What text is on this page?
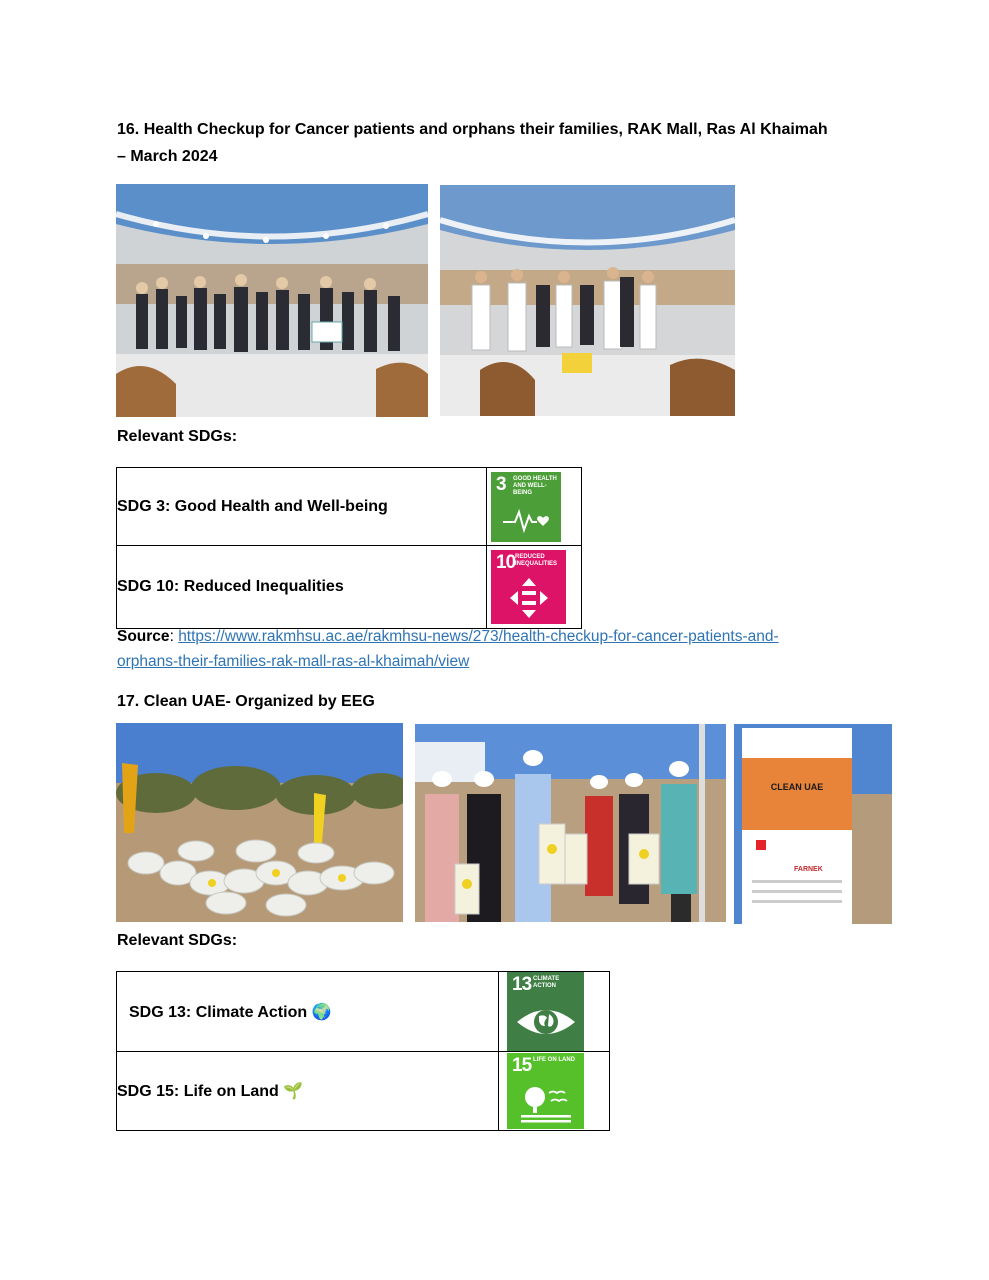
16. Health Checkup for Cancer patients and orphans their families, RAK Mall, Ras Al Khaimah
– March 2024
Relevant SDGs:
SDG 3: Good Health and Well-being	3 GOOD HEALTH AND WELL-BEING

SDG 10: Reduced Inequalities	10 REDUCED INEQUALITIES
Source: https://www.rakmhsu.ac.ae/rakmhsu-news/273/health-checkup-for-cancer-patients-and-
orphans-their-families-rak-mall-ras-al-khaimah/view
17. Clean UAE- Organized by EEG
CLEAN UAE
FARNEK
Relevant SDGs:
SDG 13: Climate Action 🌍	13 CLIMATE ACTION

SDG 15: Life on Land 🌱	15 LIFE ON LAND
